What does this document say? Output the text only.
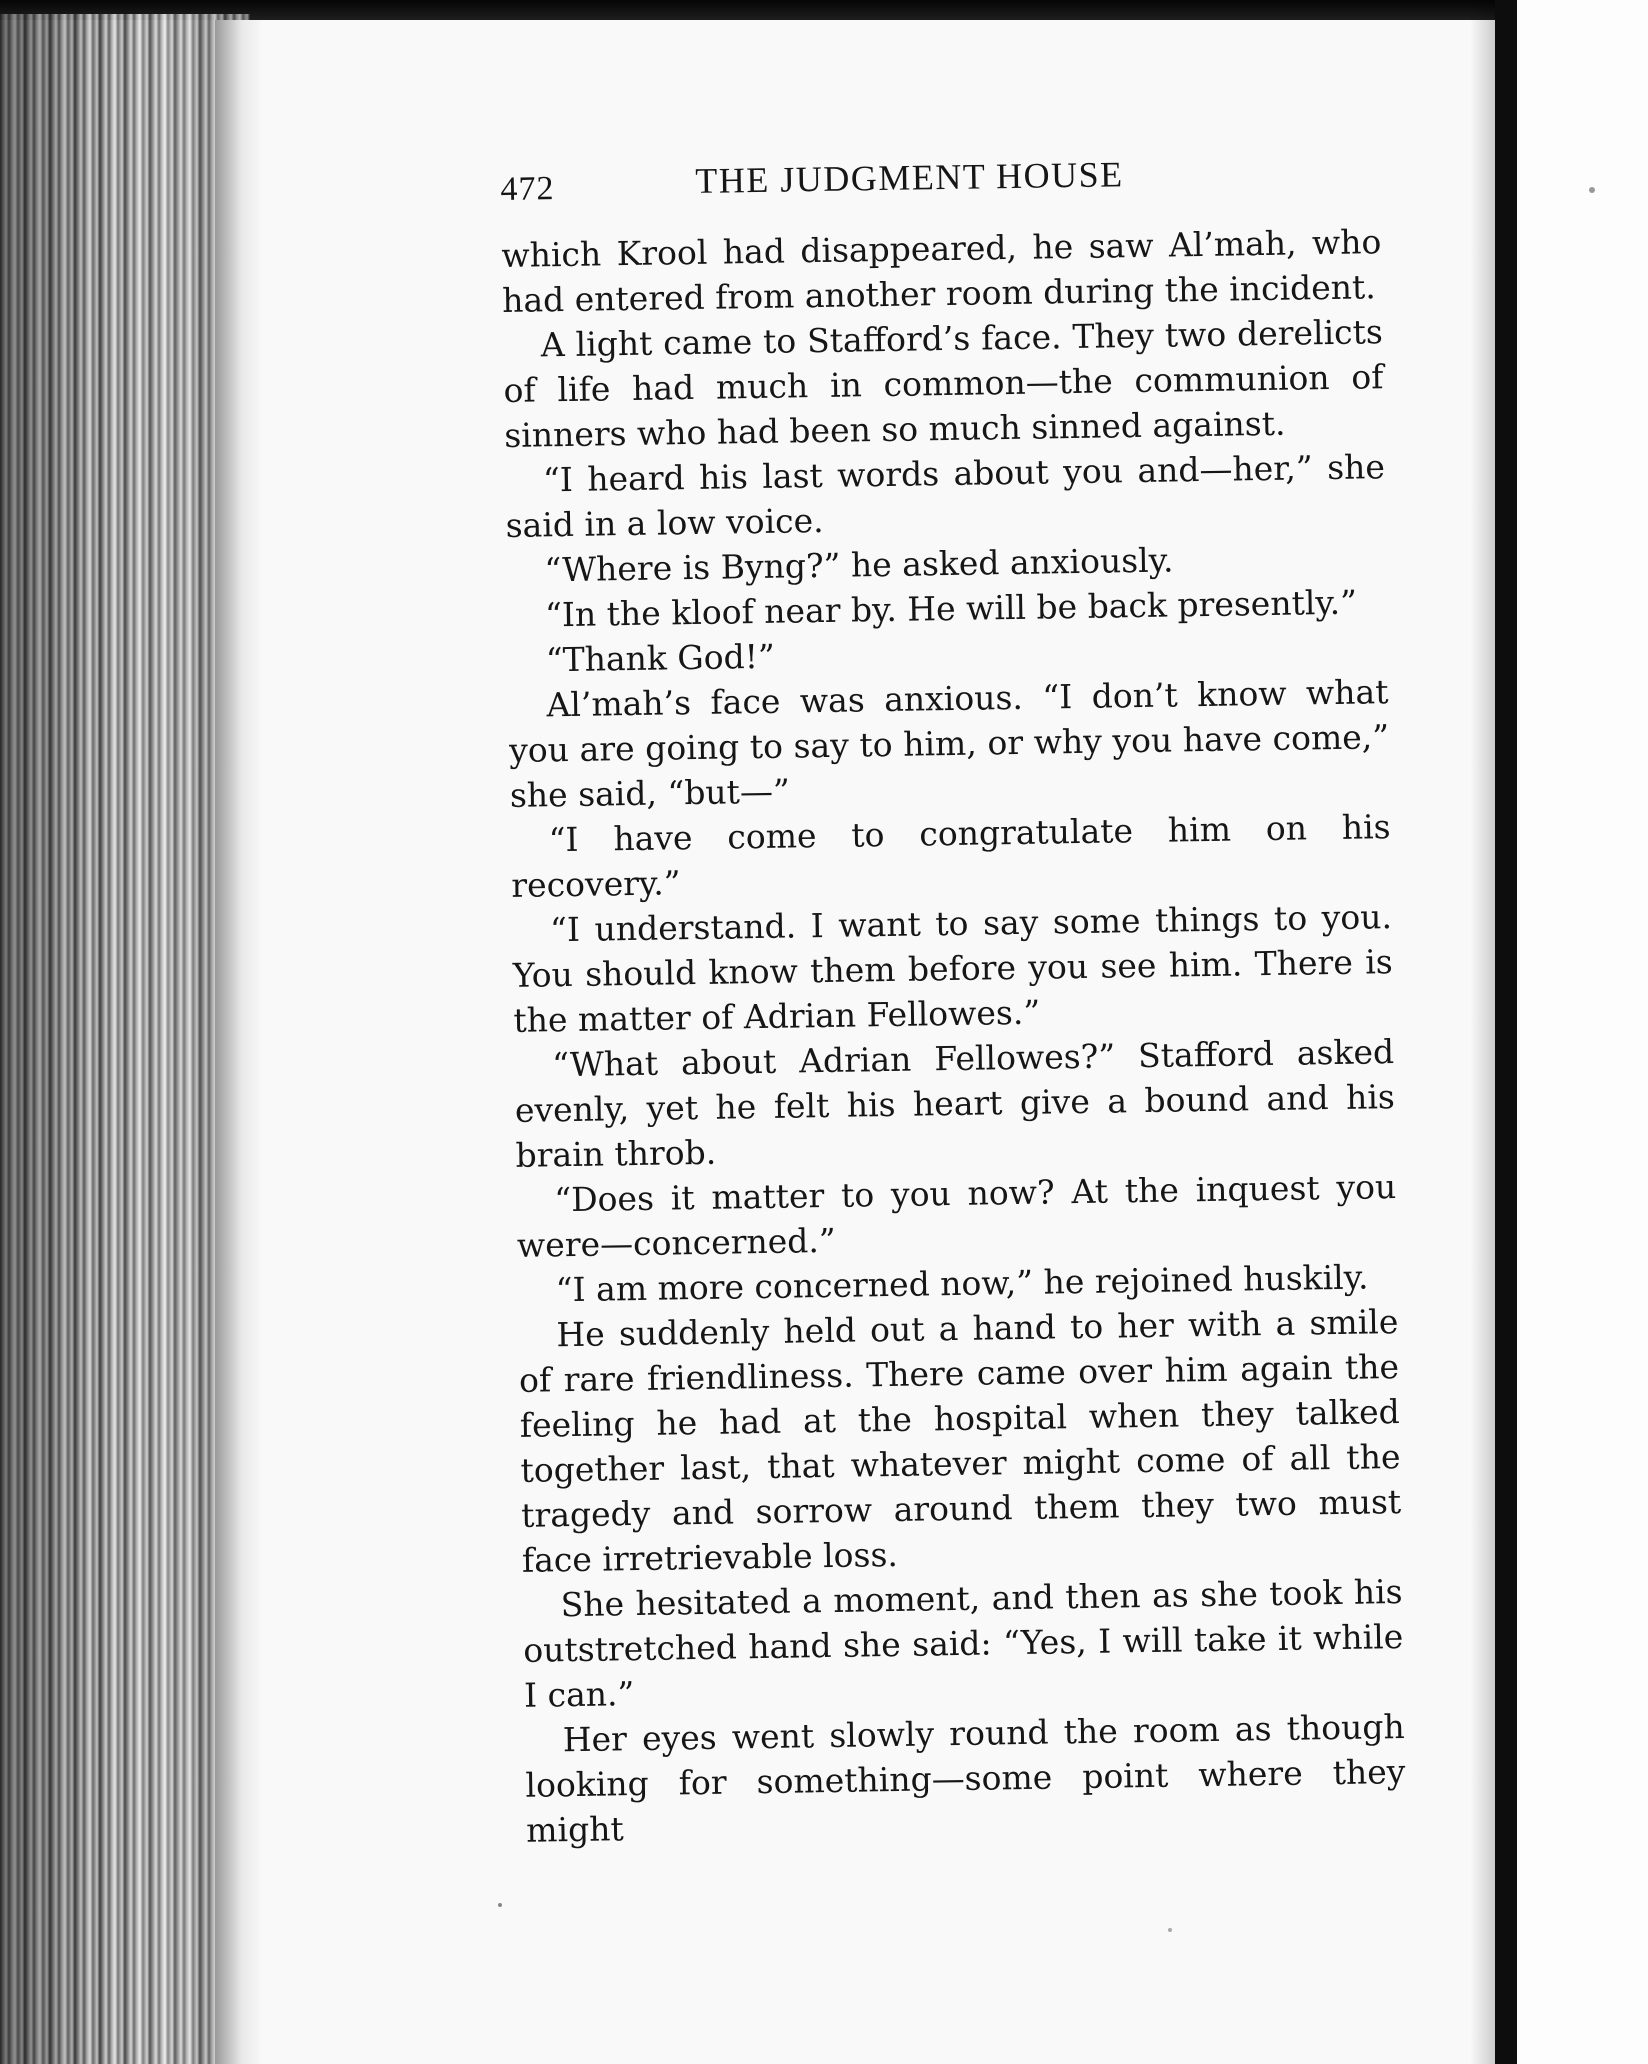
472	THE JUDGMENT HOUSE

which Krool had disappeared, he saw Al’mah, who had entered from another room during the incident.

A light came to Stafford’s face. They two derelicts of life had much in common—the communion of sinners who had been so much sinned against.

“I heard his last words about you and—her,” she said in a low voice.

“Where is Byng?” he asked anxiously.

“In the kloof near by. He will be back presently.”

“Thank God!”

Al’mah’s face was anxious. “I don’t know what you are going to say to him, or why you have come,” she said, “but—”

“I have come to congratulate him on his recovery.”

“I understand. I want to say some things to you. You should know them before you see him. There is the matter of Adrian Fellowes.”

“What about Adrian Fellowes?” Stafford asked evenly, yet he felt his heart give a bound and his brain throb.

“Does it matter to you now? At the inquest you were—concerned.”

“I am more concerned now,” he rejoined huskily.

He suddenly held out a hand to her with a smile of rare friendliness. There came over him again the feeling he had at the hospital when they talked together last, that whatever might come of all the tragedy and sorrow around them they two must face irretrievable loss.

She hesitated a moment, and then as she took his outstretched hand she said: “Yes, I will take it while I can.”

Her eyes went slowly round the room as though looking for something—some point where they might
